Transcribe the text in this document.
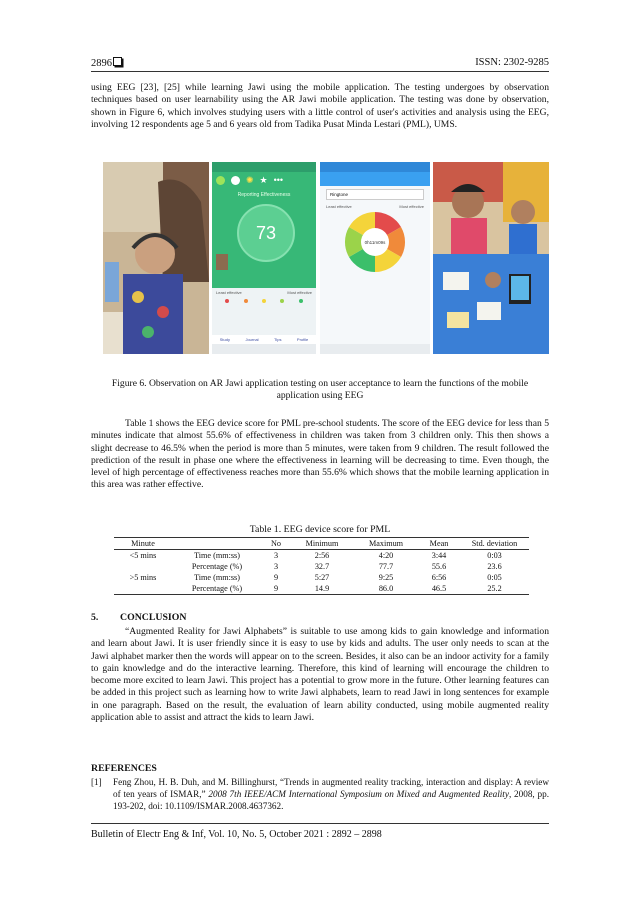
2896	ISSN: 2302-9285

using EEG [23], [25] while learning Jawi using the mobile application. The testing undergoes by observation techniques based on user learnability using the AR Jawi mobile application. The testing was done by observation, shown in Figure 6, which involves studying users with a little control of user's activities and analysis using the EEG, involving 12 respondents age 5 and 6 years old from Tadika Pusat Minda Lestari (PML), UMS.

✺ ★ •••
Reporting Effectiveness
73
Least effective	Most effective
Study	Journal	Tips	Profile
Ringtone
Least effective	Most effective
0h11m09s
Figure 6. Observation on AR Jawi application testing on user acceptance to learn the functions of the mobile application using EEG

Table 1 shows the EEG device score for PML pre-school students. The score of the EEG device for less than 5 minutes indicate that almost 55.6% of effectiveness in children was taken from 3 children only. This then shows a slight decrease to 46.5% when the period is more than 5 minutes, were taken from 9 children. The result followed the prediction of the result in phase one where the effectiveness in learning will be decreasing to time. Even though, the level of high percentage of effectiveness reaches more than 55.6% which shows that the mobile learning application in this area was rather effective.

Table 1. EEG device score for PML
Minute		No	Minimum	Maximum	Mean	Std. deviation
<5 mins	Time (mm:ss)	3	2:56	4:20	3:44	0:03
	Percentage (%)	3	32.7	77.7	55.6	23.6
>5 mins	Time (mm:ss)	9	5:27	9:25	6:56	0:05
	Percentage (%)	9	14.9	86.0	46.5	25.2
5. CONCLUSION

“Augmented Reality for Jawi Alphabets” is suitable to use among kids to gain knowledge and information and learn about Jawi. It is user friendly since it is easy to use by kids and adults. The user only needs to scan at the Jawi alphabet marker then the words will appear on to the screen. Besides, it also can be an indoor activity for a family to gain knowledge and do the interactive learning. Therefore, this kind of learning will encourage the children to become more excited to learn Jawi. This project has a potential to grow more in the future. Other learning features can be added in this project such as learning how to write Jawi alphabets, learn to read Jawi in long sentences for example in one paragraph. Based on the result, the evaluation of learn ability conducted, using mobile augmented reality application able to assist and attract the kids to learn Jawi.

REFERENCES
[1] Feng Zhou, H. B. Duh, and M. Billinghurst, “Trends in augmented reality tracking, interaction and display: A review of ten years of ISMAR,” 2008 7th IEEE/ACM International Symposium on Mixed and Augmented Reality, 2008, pp. 193-202, doi: 10.1109/ISMAR.2008.4637362.
Bulletin of Electr Eng & Inf, Vol. 10, No. 5, October 2021 : 2892 – 2898
